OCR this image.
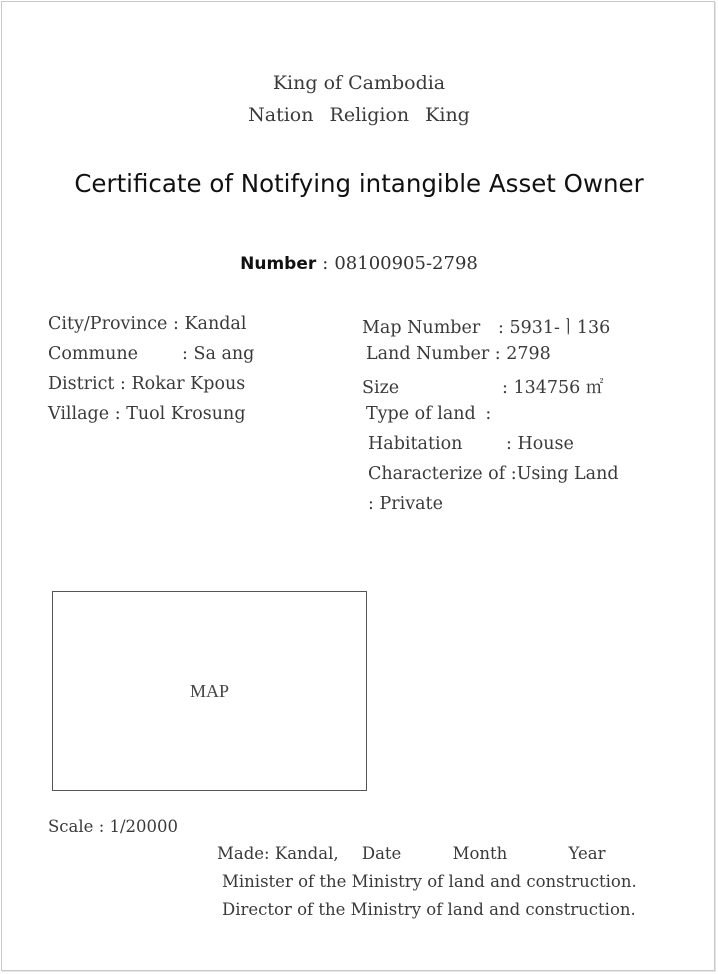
King of Cambodia
Nation Religion King
Certificate of Notifying intangible Asset Owner
Number : 08100905-2798
City/Province : Kandal
Commune	: Sa ang
District : Rokar Kpous
Village : Tuol Krosung
Map Number : 5931-ㅣ136
Land Number : 2798
Size	: 134756 ㎡
Type of land :
Habitation : House
Characterize of :Using Land
: Private
MAP
Scale : 1/20000
Made: Kandal, Date	Month	Year
Minister of the Ministry of land and construction.
Director of the Ministry of land and construction.
